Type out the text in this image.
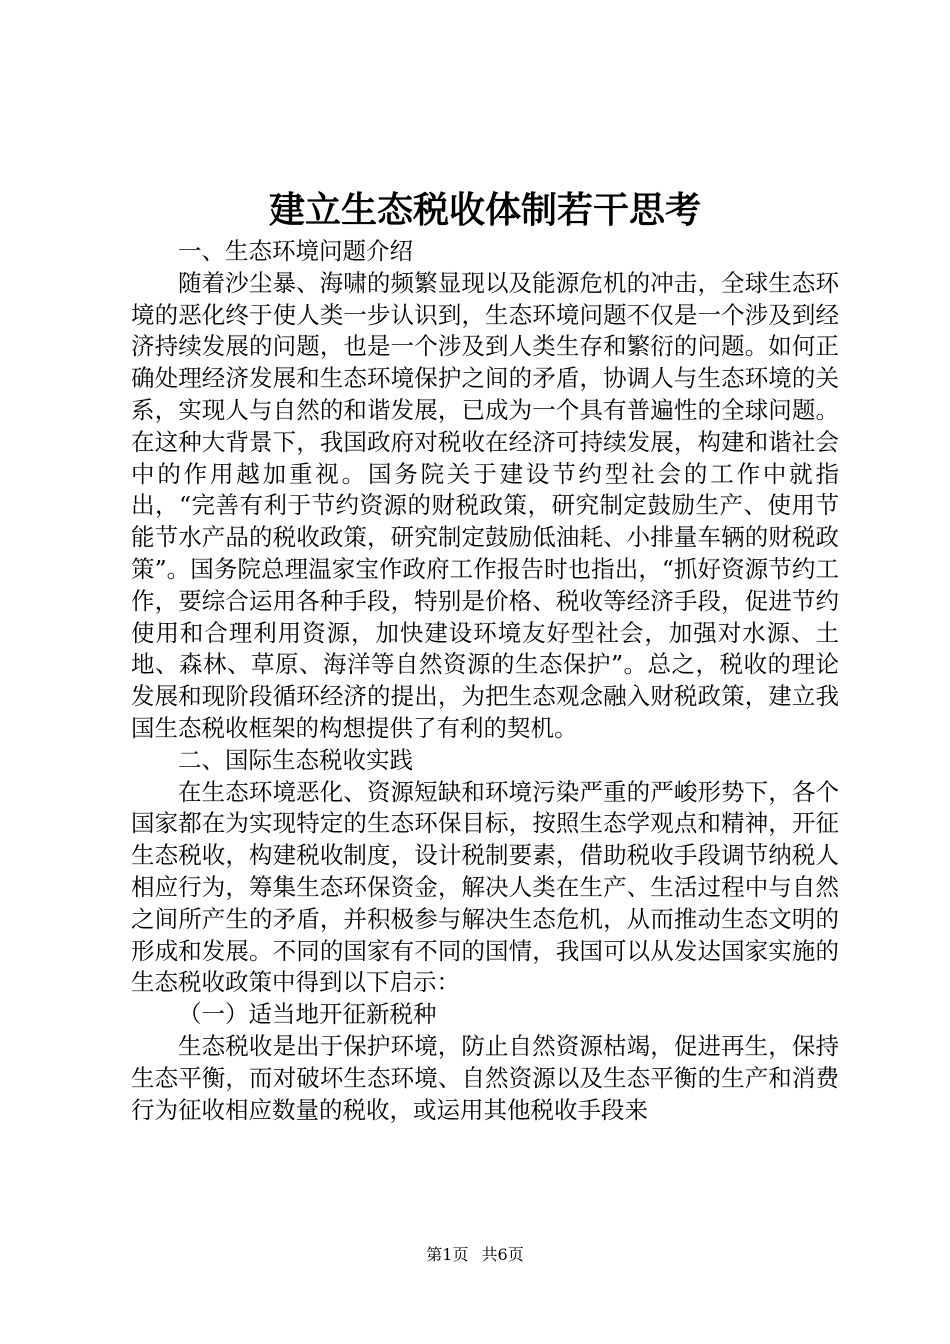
建立生态税收体制若干思考

一、生态环境问题介绍

随着沙尘暴、海啸的频繁显现以及能源危机的冲击，全球生态环境的恶化终于使人类一步认识到，生态环境问题不仅是一个涉及到经济持续发展的问题，也是一个涉及到人类生存和繁衍的问题。如何正确处理经济发展和生态环境保护之间的矛盾，协调人与生态环境的关系，实现人与自然的和谐发展，已成为一个具有普遍性的全球问题。在这种大背景下，我国政府对税收在经济可持续发展，构建和谐社会中的作用越加重视。国务院关于建设节约型社会的工作中就指出，“完善有利于节约资源的财税政策，研究制定鼓励生产、使用节能节水产品的税收政策，研究制定鼓励低油耗、小排量车辆的财税政策”。国务院总理温家宝作政府工作报告时也指出，“抓好资源节约工作，要综合运用各种手段，特别是价格、税收等经济手段，促进节约使用和合理利用资源，加快建设环境友好型社会，加强对水源、土地、森林、草原、海洋等自然资源的生态保护”。总之，税收的理论发展和现阶段循环经济的提出，为把生态观念融入财税政策，建立我国生态税收框架的构想提供了有利的契机。

二、国际生态税收实践

在生态环境恶化、资源短缺和环境污染严重的严峻形势下，各个国家都在为实现特定的生态环保目标，按照生态学观点和精神，开征生态税收，构建税收制度，设计税制要素，借助税收手段调节纳税人相应行为，筹集生态环保资金，解决人类在生产、生活过程中与自然之间所产生的矛盾，并积极参与解决生态危机，从而推动生态文明的形成和发展。不同的国家有不同的国情，我国可以从发达国家实施的生态税收政策中得到以下启示：

（一）适当地开征新税种

生态税收是出于保护环境，防止自然资源枯竭，促进再生，保持生态平衡，而对破坏生态环境、自然资源以及生态平衡的生产和消费行为征收相应数量的税收，或运用其他税收手段来

第1页 共6页
